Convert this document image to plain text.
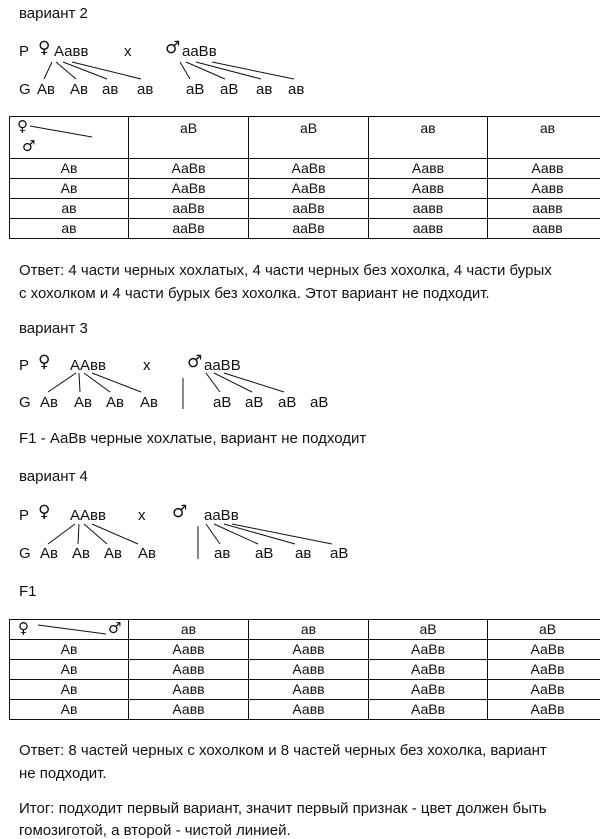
вариант 2
P ♀ Аавв x ♂ ааВв
G Ав Ав ав ав аВ аВ ав ав
♀
♂	аВ	аВ	ав	ав
Ав	АаВв	АаВв	Аавв	Аавв
Ав	АаВв	АаВв	Аавв	Аавв
ав	ааВв	ааВв	аавв	аавв
ав	ааВв	ааВв	аавв	аавв
Ответ: 4 части черных хохлатых, 4 части черных без хохолка, 4 части бурых
с хохолком и 4 части бурых без хохолка. Этот вариант не подходит.
вариант 3
P ♀ ААвв x ♂ ааВВ
G Ав Ав Ав Ав	аВ аВ аВ аВ
F1 - АаВв черные хохлатые, вариант не подходит
вариант 4
P ♀ ААвв x ♂ ааВв
G Ав Ав Ав Ав	ав аВ ав аВ
F1
♀ ♂	ав	ав	аВ	аВ
Ав	Аавв	Аавв	АаВв	АаВв
Ав	Аавв	Аавв	АаВв	АаВв
Ав	Аавв	Аавв	АаВв	АаВв
Ав	Аавв	Аавв	АаВв	АаВв
Ответ: 8 частей черных с хохолком и 8 частей черных без хохолка, вариант
не подходит.
Итог: подходит первый вариант, значит первый признак - цвет должен быть
гомозиготой, а второй - чистой линией.
